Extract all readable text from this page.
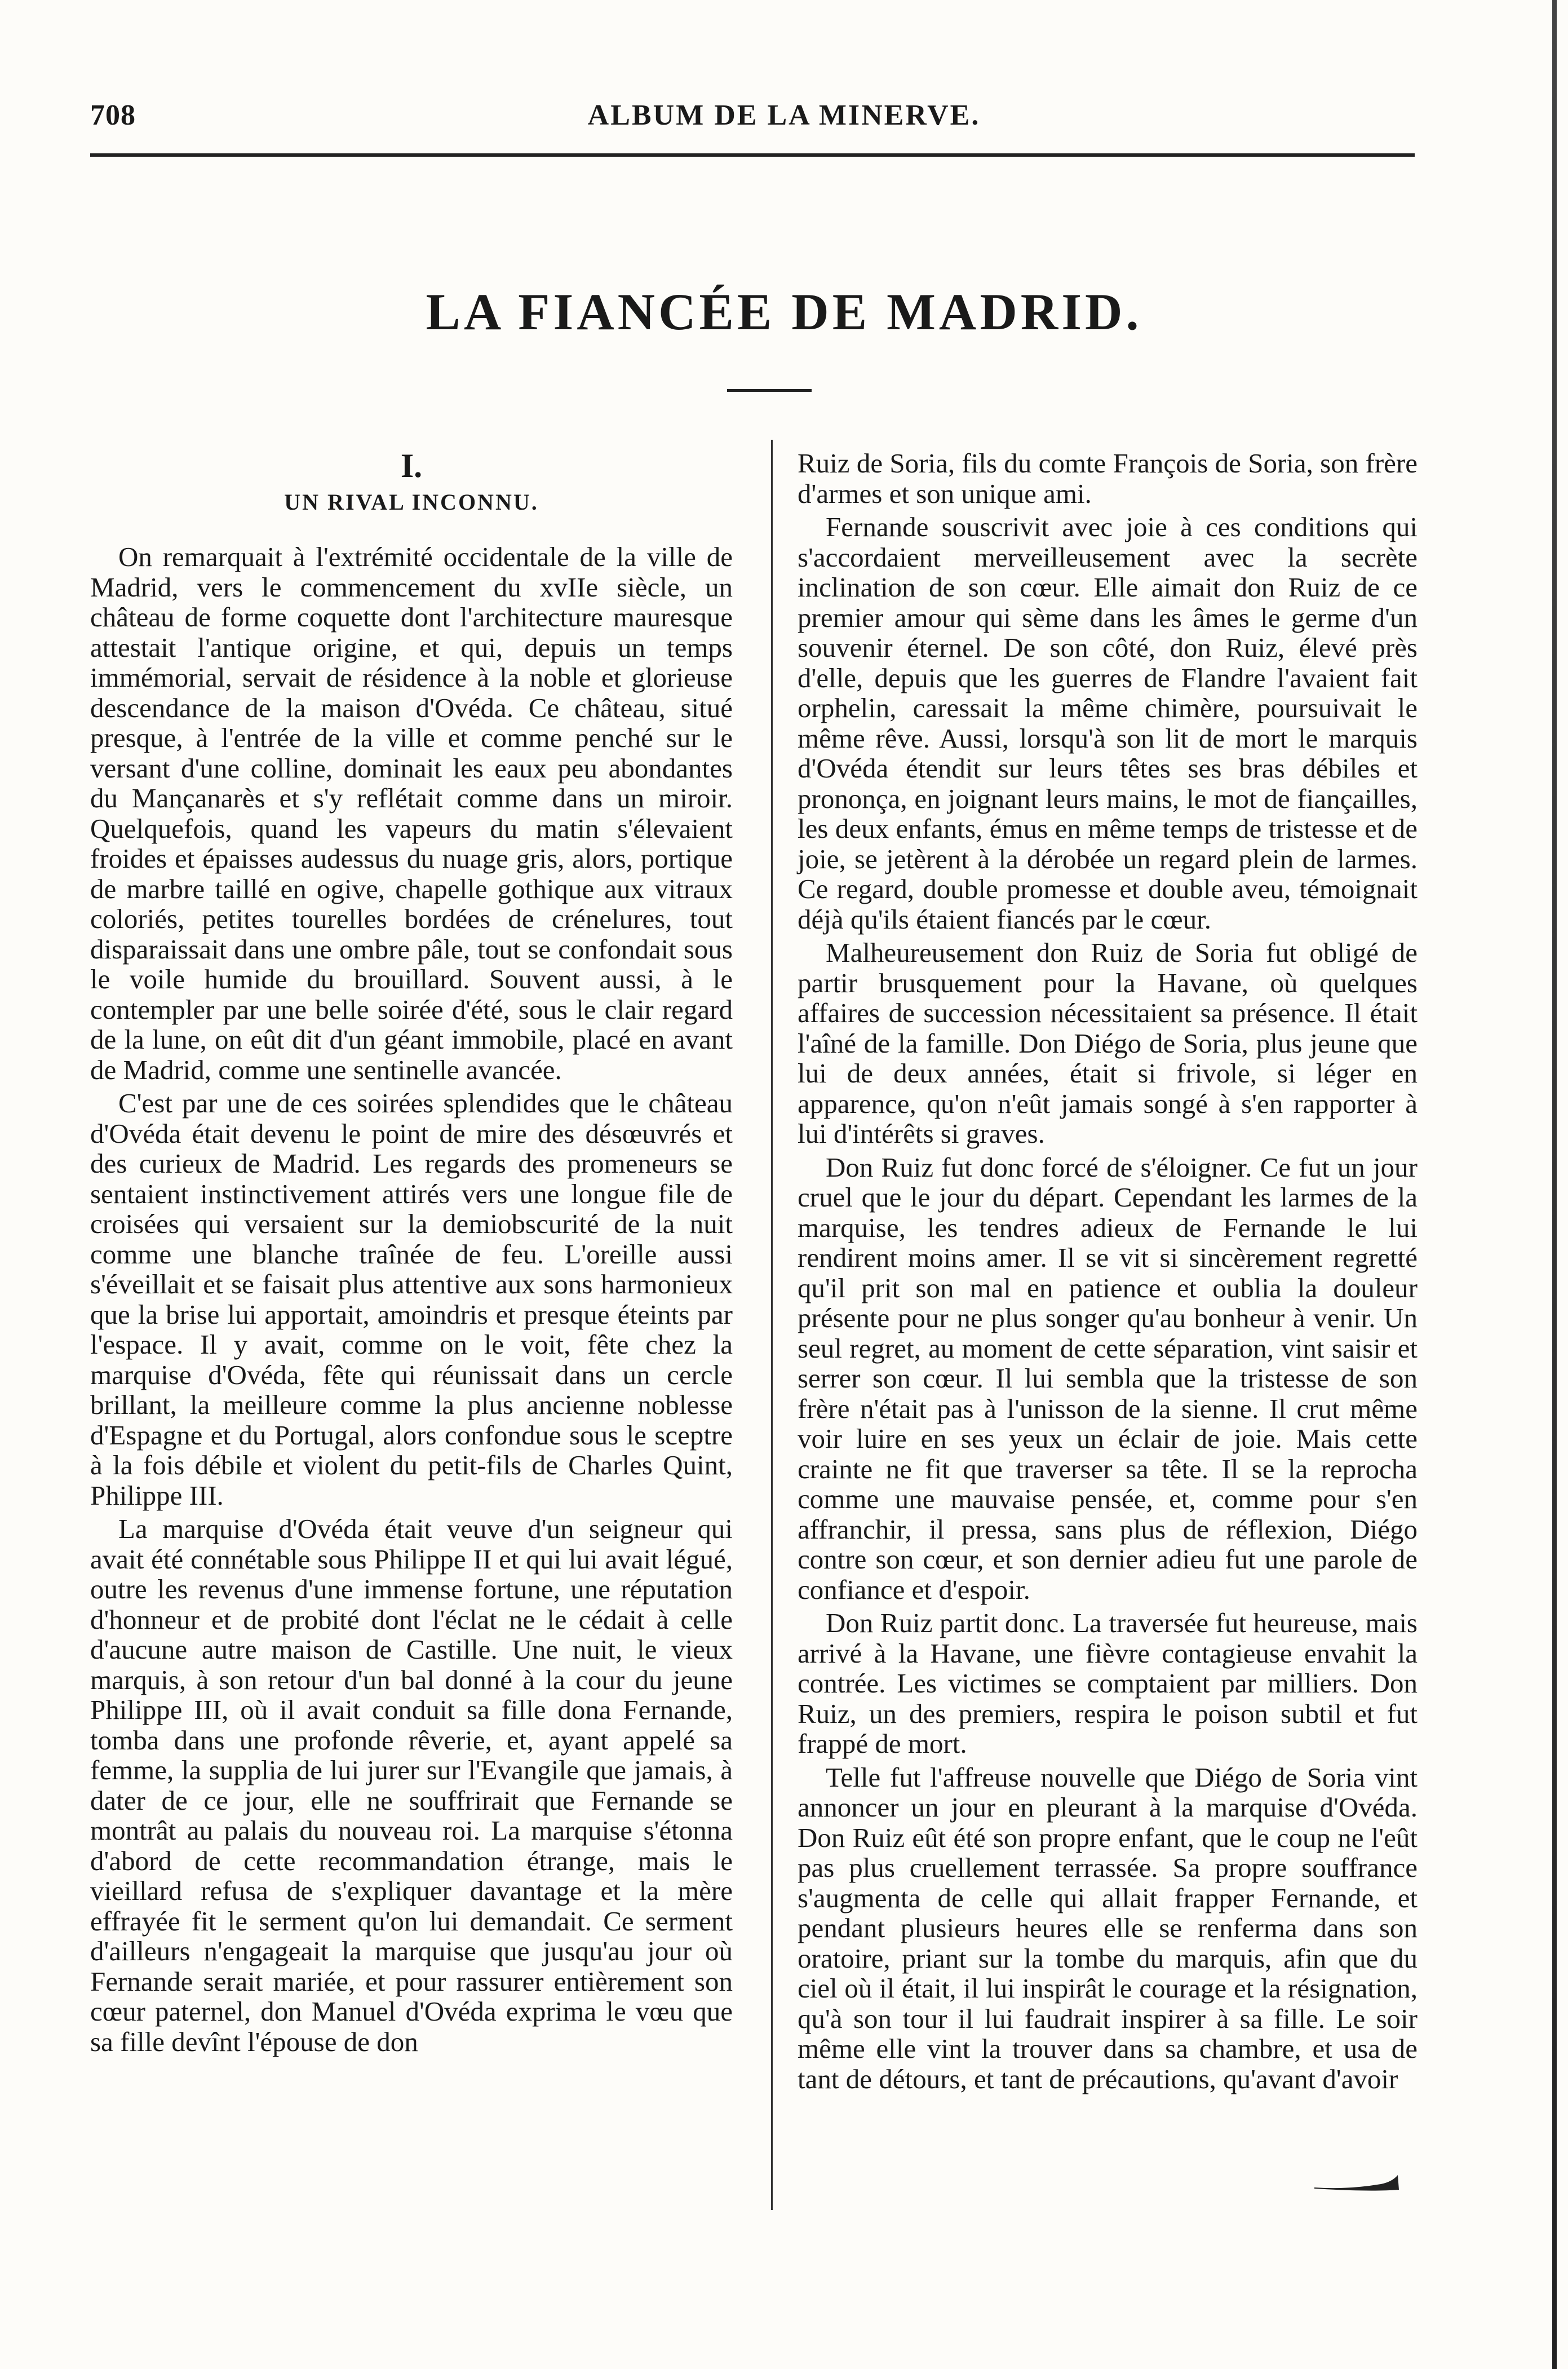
708	ALBUM DE LA MINERVE.
LA FIANCÉE DE MADRID.
I.
UN RIVAL INCONNU.

On remarquait à l'extrémité occidentale de la ville de Madrid, vers le commencement du xvIIe siècle, un château de forme coquette dont l'architecture mauresque attestait l'antique origine, et qui, depuis un temps immémorial, servait de résidence à la noble et glorieuse descendance de la maison d'Ovéda. Ce château, situé presque, à l'entrée de la ville et comme penché sur le versant d'une colline, dominait les eaux peu abondantes du Mançanarès et s'y reflétait comme dans un miroir. Quelquefois, quand les vapeurs du matin s'élevaient froides et épaisses audessus du nuage gris, alors, portique de marbre taillé en ogive, chapelle gothique aux vitraux coloriés, petites tourelles bordées de crénelures, tout disparaissait dans une ombre pâle, tout se confondait sous le voile humide du brouillard. Souvent aussi, à le contempler par une belle soirée d'été, sous le clair regard de la lune, on eût dit d'un géant immobile, placé en avant de Madrid, comme une sentinelle avancée.

C'est par une de ces soirées splendides que le château d'Ovéda était devenu le point de mire des désœuvrés et des curieux de Madrid. Les regards des promeneurs se sentaient instinctivement attirés vers une longue file de croisées qui versaient sur la demiobscurité de la nuit comme une blanche traînée de feu. L'oreille aussi s'éveillait et se faisait plus attentive aux sons harmonieux que la brise lui apportait, amoindris et presque éteints par l'espace. Il y avait, comme on le voit, fête chez la marquise d'Ovéda, fête qui réunissait dans un cercle brillant, la meilleure comme la plus ancienne noblesse d'Espagne et du Portugal, alors confondue sous le sceptre à la fois débile et violent du petit-fils de Charles Quint, Philippe III.

La marquise d'Ovéda était veuve d'un seigneur qui avait été connétable sous Philippe II et qui lui avait légué, outre les revenus d'une immense fortune, une réputation d'honneur et de probité dont l'éclat ne le cédait à celle d'aucune autre maison de Castille. Une nuit, le vieux marquis, à son retour d'un bal donné à la cour du jeune Philippe III, où il avait conduit sa fille dona Fernande, tomba dans une profonde rêverie, et, ayant appelé sa femme, la supplia de lui jurer sur l'Evangile que jamais, à dater de ce jour, elle ne souffrirait que Fernande se montrât au palais du nouveau roi. La marquise s'étonna d'abord de cette recommandation étrange, mais le vieillard refusa de s'expliquer davantage et la mère effrayée fit le serment qu'on lui demandait. Ce serment d'ailleurs n'engageait la marquise que jusqu'au jour où Fernande serait mariée, et pour rassurer entièrement son cœur paternel, don Manuel d'Ovéda exprima le vœu que sa fille devînt l'épouse de don

Ruiz de Soria, fils du comte François de Soria, son frère d'armes et son unique ami.

Fernande souscrivit avec joie à ces conditions qui s'accordaient merveilleusement avec la secrète inclination de son cœur. Elle aimait don Ruiz de ce premier amour qui sème dans les âmes le germe d'un souvenir éternel. De son côté, don Ruiz, élevé près d'elle, depuis que les guerres de Flandre l'avaient fait orphelin, caressait la même chimère, poursuivait le même rêve. Aussi, lorsqu'à son lit de mort le marquis d'Ovéda étendit sur leurs têtes ses bras débiles et prononça, en joignant leurs mains, le mot de fiançailles, les deux enfants, émus en même temps de tristesse et de joie, se jetèrent à la dérobée un regard plein de larmes. Ce regard, double promesse et double aveu, témoignait déjà qu'ils étaient fiancés par le cœur.

Malheureusement don Ruiz de Soria fut obligé de partir brusquement pour la Havane, où quelques affaires de succession nécessitaient sa présence. Il était l'aîné de la famille. Don Diégo de Soria, plus jeune que lui de deux années, était si frivole, si léger en apparence, qu'on n'eût jamais songé à s'en rapporter à lui d'intérêts si graves.

Don Ruiz fut donc forcé de s'éloigner. Ce fut un jour cruel que le jour du départ. Cependant les larmes de la marquise, les tendres adieux de Fernande le lui rendirent moins amer. Il se vit si sincèrement regretté qu'il prit son mal en patience et oublia la douleur présente pour ne plus songer qu'au bonheur à venir. Un seul regret, au moment de cette séparation, vint saisir et serrer son cœur. Il lui sembla que la tristesse de son frère n'était pas à l'unisson de la sienne. Il crut même voir luire en ses yeux un éclair de joie. Mais cette crainte ne fit que traverser sa tête. Il se la reprocha comme une mauvaise pensée, et, comme pour s'en affranchir, il pressa, sans plus de réflexion, Diégo contre son cœur, et son dernier adieu fut une parole de confiance et d'espoir.

Don Ruiz partit donc. La traversée fut heureuse, mais arrivé à la Havane, une fièvre contagieuse envahit la contrée. Les victimes se comptaient par milliers. Don Ruiz, un des premiers, respira le poison subtil et fut frappé de mort.

Telle fut l'affreuse nouvelle que Diégo de Soria vint annoncer un jour en pleurant à la marquise d'Ovéda. Don Ruiz eût été son propre enfant, que le coup ne l'eût pas plus cruellement terrassée. Sa propre souffrance s'augmenta de celle qui allait frapper Fernande, et pendant plusieurs heures elle se renferma dans son oratoire, priant sur la tombe du marquis, afin que du ciel où il était, il lui inspirât le courage et la résignation, qu'à son tour il lui faudrait inspirer à sa fille. Le soir même elle vint la trouver dans sa chambre, et usa de tant de détours, et tant de précautions, qu'avant d'avoir
